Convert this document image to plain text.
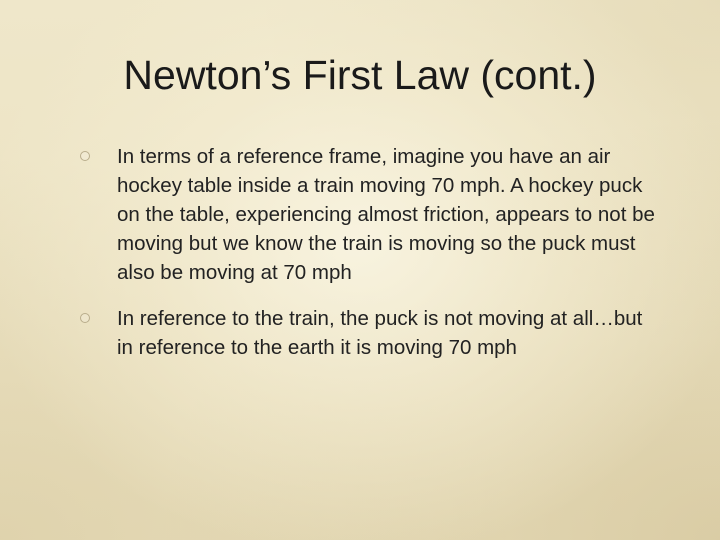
Newton’s First Law (cont.)
In terms of a reference frame, imagine you have an air hockey table inside a train moving 70 mph. A hockey puck on the table, experiencing almost friction, appears to not be moving but we know the train is moving so the puck must also be moving at 70 mph
In reference to the train, the puck is not moving at all…but in reference to the earth it is moving 70 mph
